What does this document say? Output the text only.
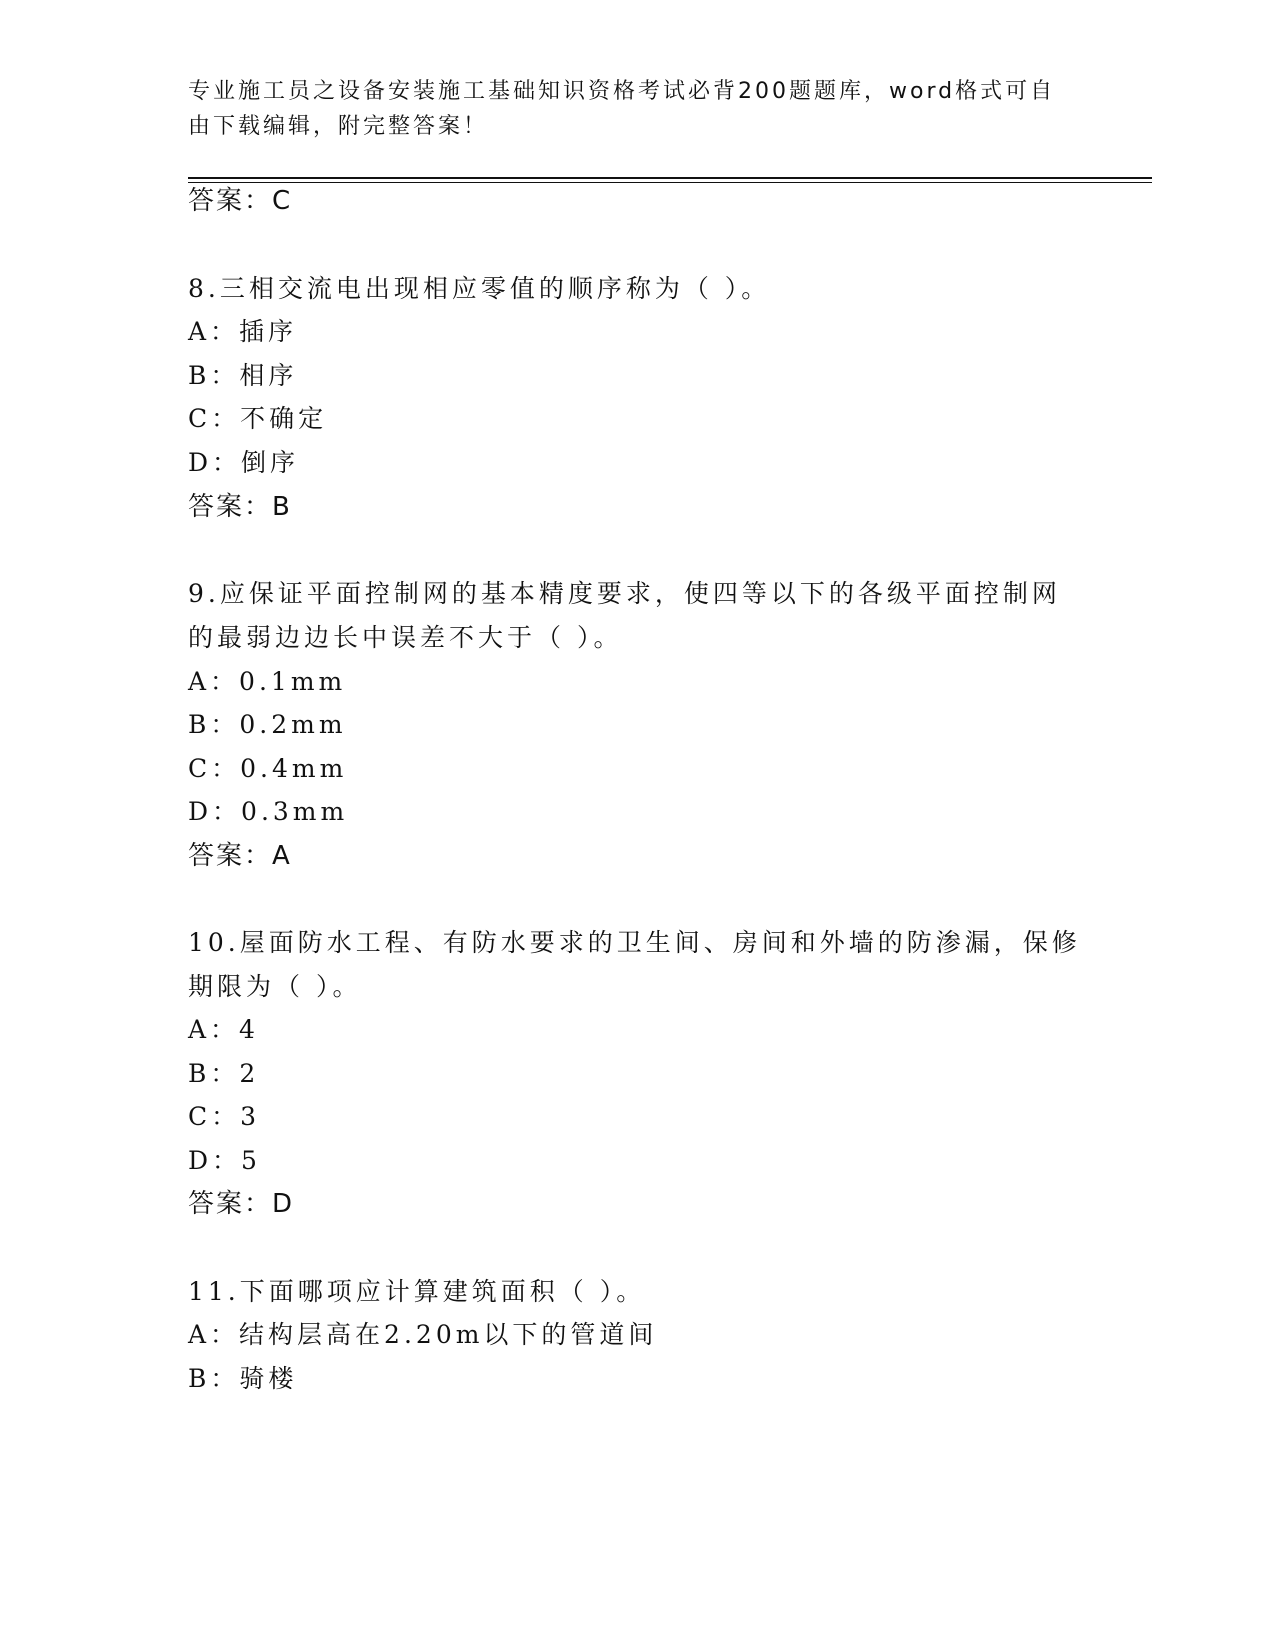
专业施工员之设备安装施工基础知识资格考试必背200题题库，word格式可自由下载编辑，附完整答案！
答案：C
8.三相交流电出现相应零值的顺序称为（ ）。
A：插序
B：相序
C：不确定
D：倒序
答案：B
9.应保证平面控制网的基本精度要求，使四等以下的各级平面控制网
的最弱边边长中误差不大于（ ）。
A：0.1mm
B：0.2mm
C：0.4mm
D：0.3mm
答案：A
10.屋面防水工程、有防水要求的卫生间、房间和外墙的防渗漏，保修
期限为（ ）。
A：4
B：2
C：3
D：5
答案：D
11.下面哪项应计算建筑面积（ ）。
A：结构层高在2.20m以下的管道间
B：骑楼
